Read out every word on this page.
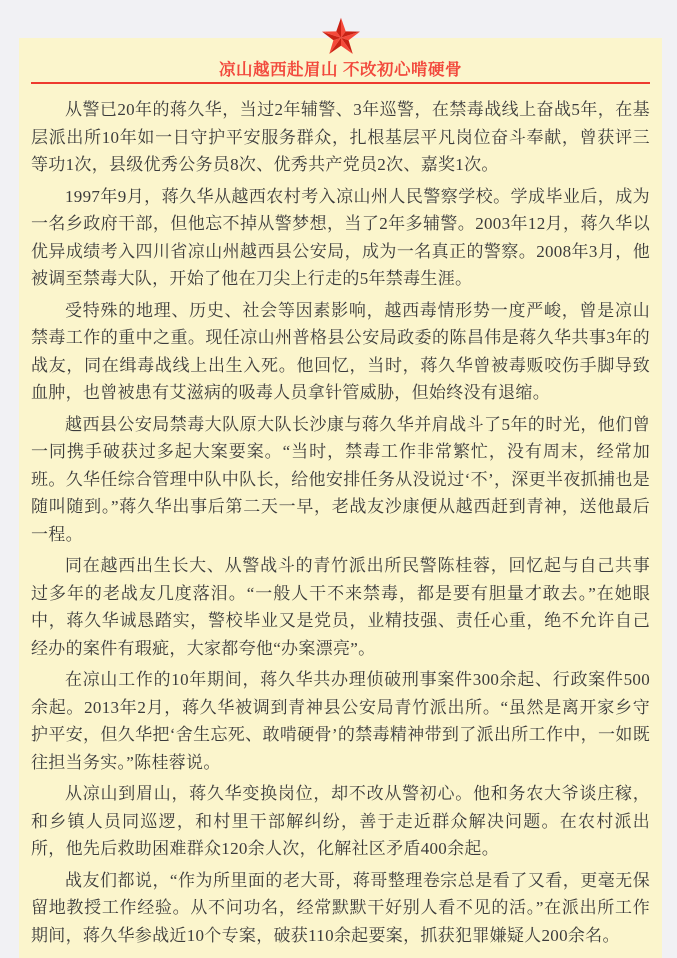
凉山越西赴眉山 不改初心啃硬骨

从警已20年的蒋久华，当过2年辅警、3年巡警，在禁毒战线上奋战5年，在基层派出所10年如一日守护平安服务群众，扎根基层平凡岗位奋斗奉献，曾获评三等功1次，县级优秀公务员8次、优秀共产党员2次、嘉奖1次。

1997年9月，蒋久华从越西农村考入凉山州人民警察学校。学成毕业后，成为一名乡政府干部，但他忘不掉从警梦想，当了2年多辅警。2003年12月，蒋久华以优异成绩考入四川省凉山州越西县公安局，成为一名真正的警察。2008年3月，他被调至禁毒大队，开始了他在刀尖上行走的5年禁毒生涯。

受特殊的地理、历史、社会等因素影响，越西毒情形势一度严峻，曾是凉山禁毒工作的重中之重。现任凉山州普格县公安局政委的陈昌伟是蒋久华共事3年的战友，同在缉毒战线上出生入死。他回忆，当时，蒋久华曾被毒贩咬伤手脚导致血肿，也曾被患有艾滋病的吸毒人员拿针管威胁，但始终没有退缩。

越西县公安局禁毒大队原大队长沙康与蒋久华并肩战斗了5年的时光，他们曾一同携手破获过多起大案要案。“当时，禁毒工作非常繁忙，没有周末，经常加班。久华任综合管理中队中队长，给他安排任务从没说过‘不’，深更半夜抓捕也是随叫随到。”蒋久华出事后第二天一早，老战友沙康便从越西赶到青神，送他最后一程。

同在越西出生长大、从警战斗的青竹派出所民警陈桂蓉，回忆起与自己共事过多年的老战友几度落泪。“一般人干不来禁毒，都是要有胆量才敢去。”在她眼中，蒋久华诚恳踏实，警校毕业又是党员，业精技强、责任心重，绝不允许自己经办的案件有瑕疵，大家都夸他“办案漂亮”。

在凉山工作的10年期间，蒋久华共办理侦破刑事案件300余起、行政案件500余起。2013年2月，蒋久华被调到青神县公安局青竹派出所。“虽然是离开家乡守护平安，但久华把‘舍生忘死、敢啃硬骨’的禁毒精神带到了派出所工作中，一如既往担当务实。”陈桂蓉说。

从凉山到眉山，蒋久华变换岗位，却不改从警初心。他和务农大爷谈庄稼，和乡镇人员同巡逻，和村里干部解纠纷，善于走近群众解决问题。在农村派出所，他先后救助困难群众120余人次，化解社区矛盾400余起。

战友们都说，“作为所里面的老大哥，蒋哥整理卷宗总是看了又看，更毫无保留地教授工作经验。从不问功名，经常默默干好别人看不见的活。”在派出所工作期间，蒋久华参战近10个专案，破获110余起要案，抓获犯罪嫌疑人200余名。
